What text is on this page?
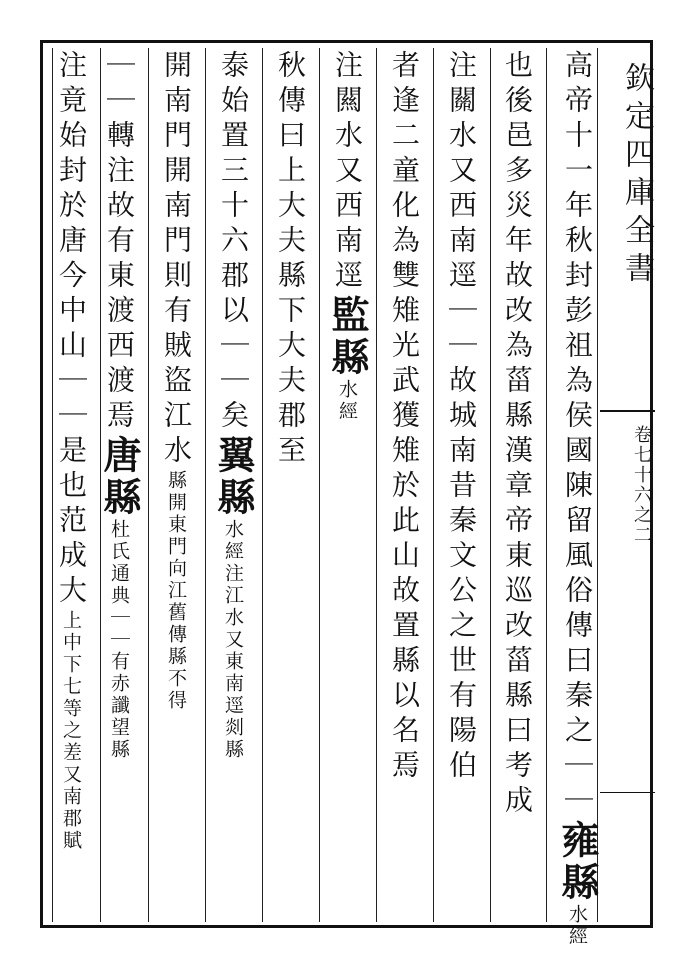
欽定四庫全書
卷七十六之二
高帝十一年秋封彭祖為侯國陳留風俗傳曰秦之｜｜雍縣水經
也後邑多災年故改為菑縣漢章帝東巡改菑縣曰考成
注關水又西南逕｜｜故城南昔秦文公之世有陽伯
者逢二童化為雙雉光武獲雉於此山故置縣以名焉
注闗水又西南逕監縣水經
秋傳曰上大夫縣下大夫郡至
泰始置三十六郡以｜｜矣翼縣水經注江水又東南逕剡縣
開南門開南門則有賊盜江水縣開東門向江舊傳縣不得
｜｜轉注故有東渡西渡焉唐縣杜氏通典｜｜有赤讖望縣
注竟始封於唐今中山｜｜是也范成大上中下七等之差又南郡賦
